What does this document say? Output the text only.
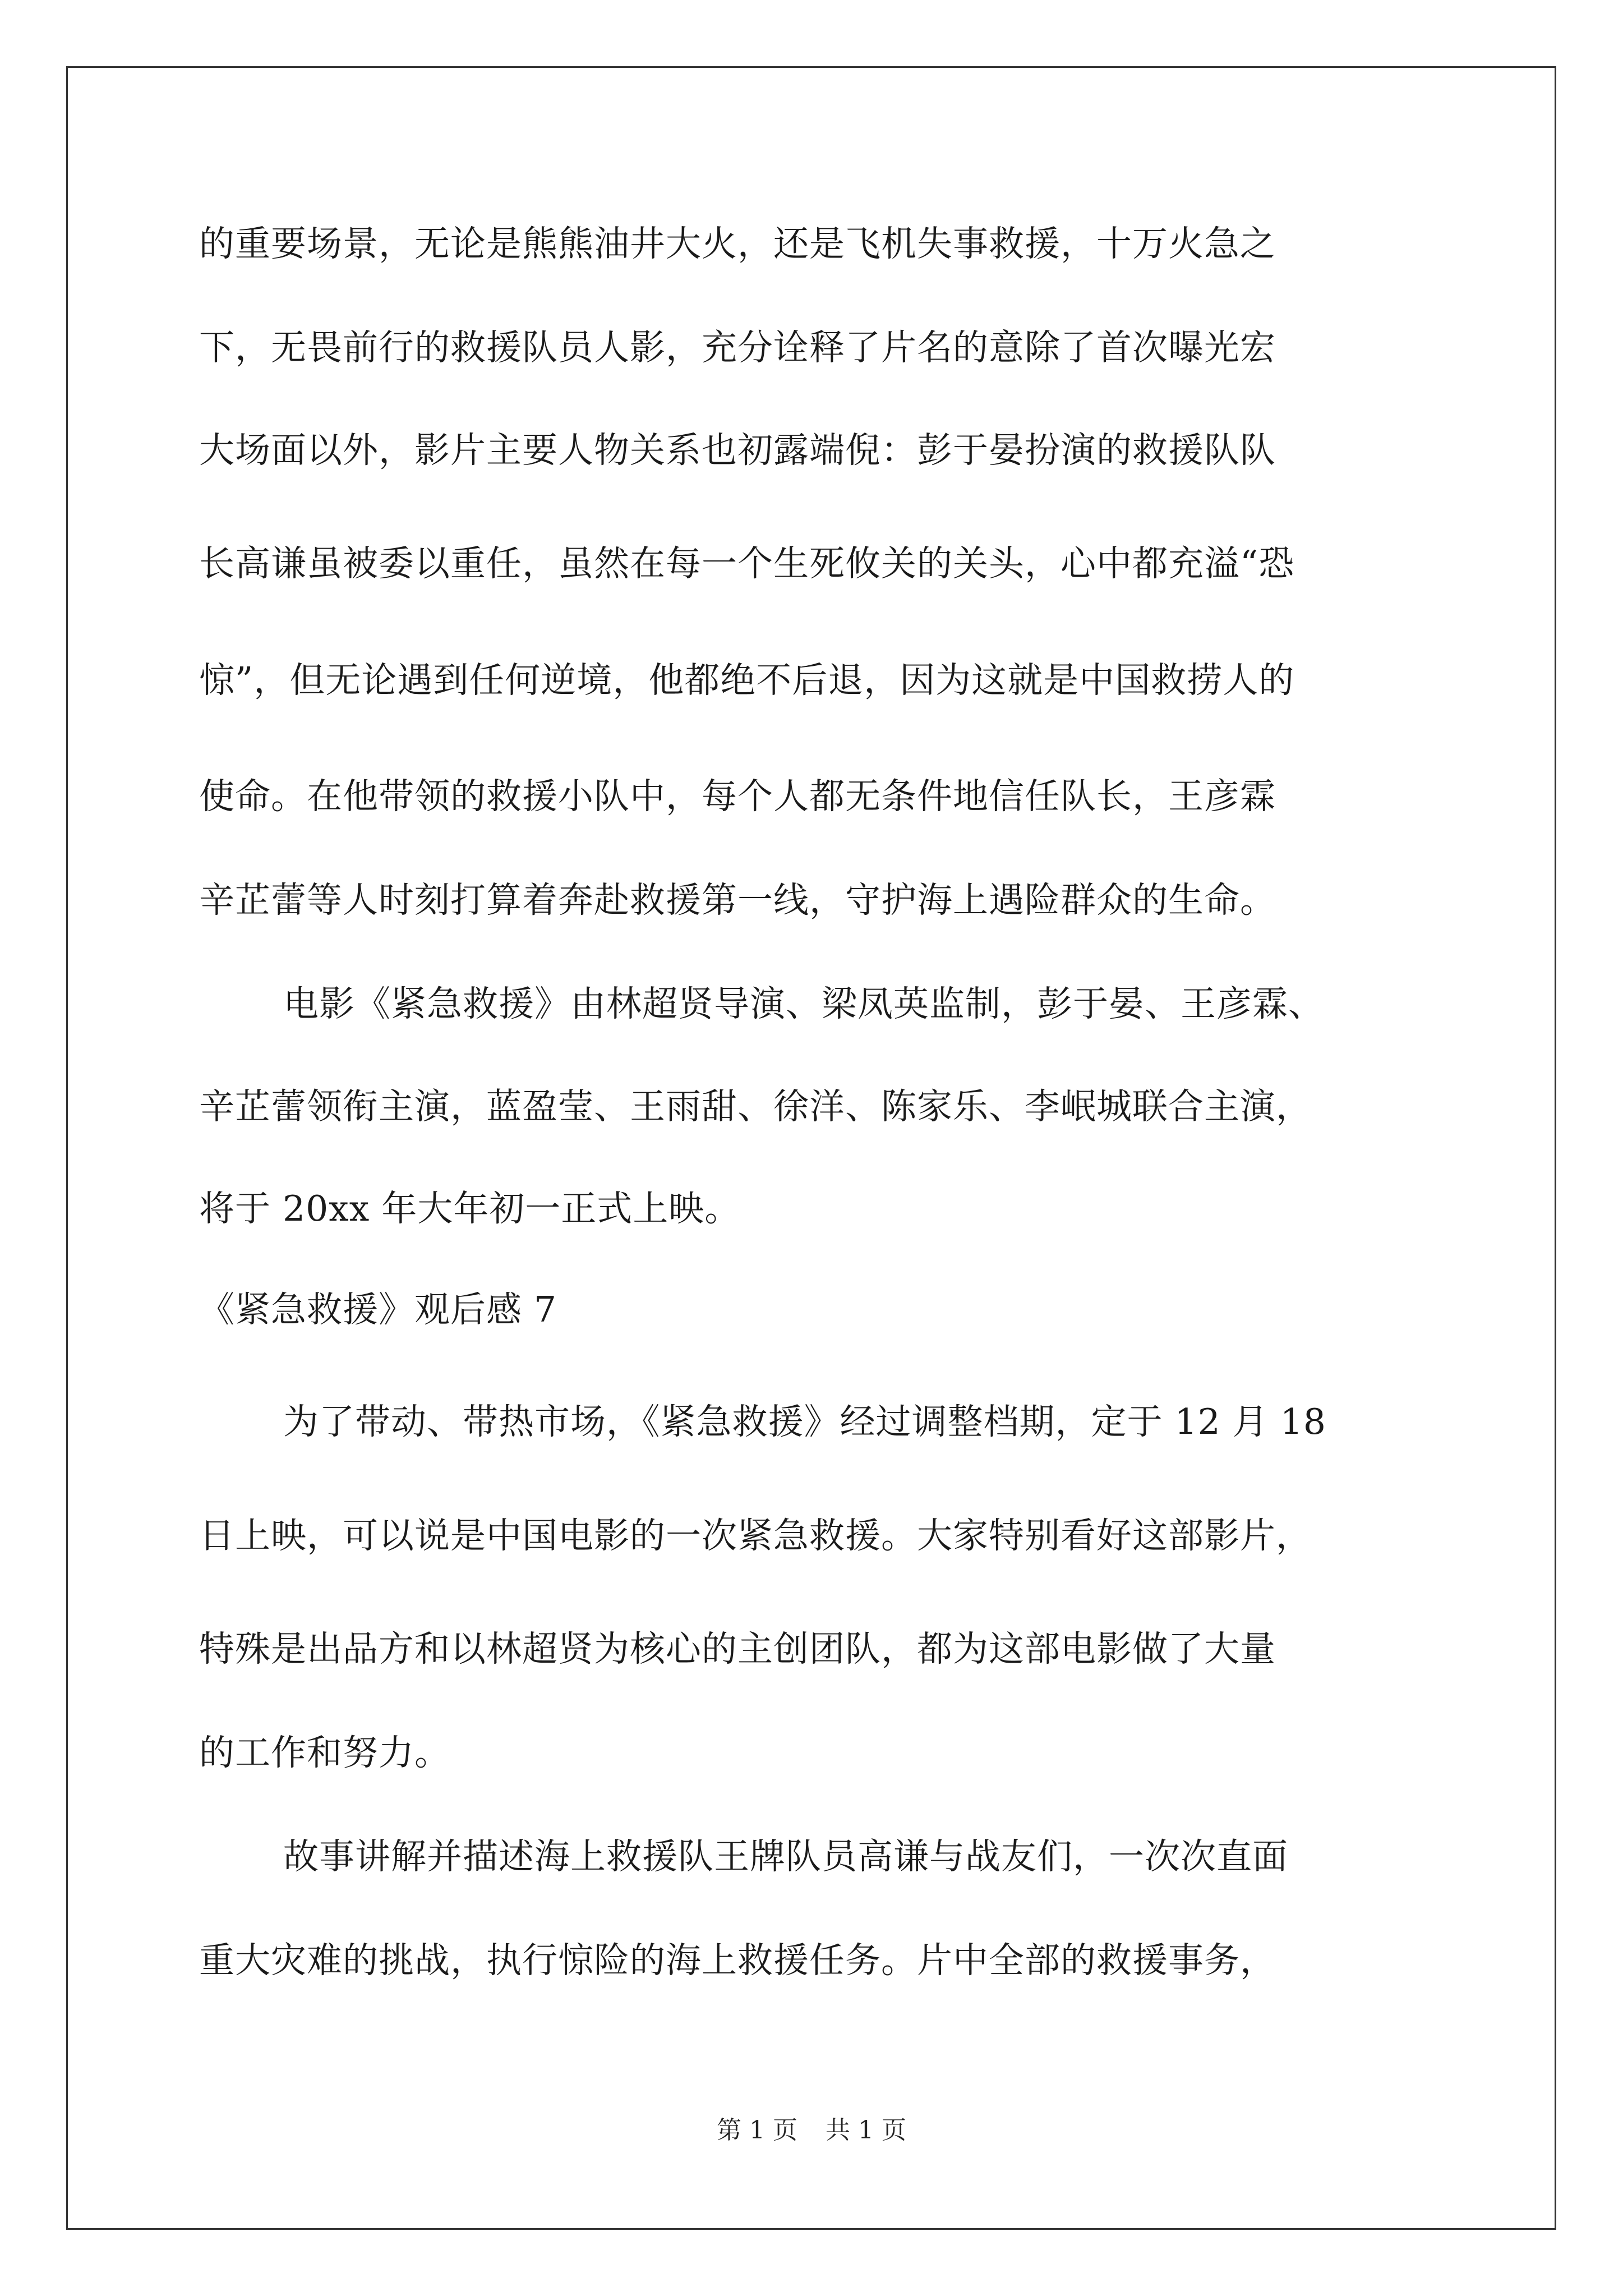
的重要场景，无论是熊熊油井大火，还是飞机失事救援，十万火急之
下，无畏前行的救援队员人影，充分诠释了片名的意除了首次曝光宏
大场面以外，影片主要人物关系也初露端倪：彭于晏扮演的救援队队
长高谦虽被委以重任，虽然在每一个生死攸关的关头，心中都充溢“恐
惊”，但无论遇到任何逆境，他都绝不后退，因为这就是中国救捞人的
使命。在他带领的救援小队中，每个人都无条件地信任队长，王彦霖
辛芷蕾等人时刻打算着奔赴救援第一线，守护海上遇险群众的生命。
电影《紧急救援》由林超贤导演、梁凤英监制，彭于晏、王彦霖、
辛芷蕾领衔主演，蓝盈莹、王雨甜、徐洋、陈家乐、李岷城联合主演，
将于 20xx 年大年初一正式上映。
《紧急救援》观后感 7
为了带动、带热市场，《紧急救援》经过调整档期，定于 12 月 18
日上映，可以说是中国电影的一次紧急救援。大家特别看好这部影片，
特殊是出品方和以林超贤为核心的主创团队，都为这部电影做了大量
的工作和努力。
故事讲解并描述海上救援队王牌队员高谦与战友们，一次次直面
重大灾难的挑战，执行惊险的海上救援任务。片中全部的救援事务，
第 1 页 共 1 页
